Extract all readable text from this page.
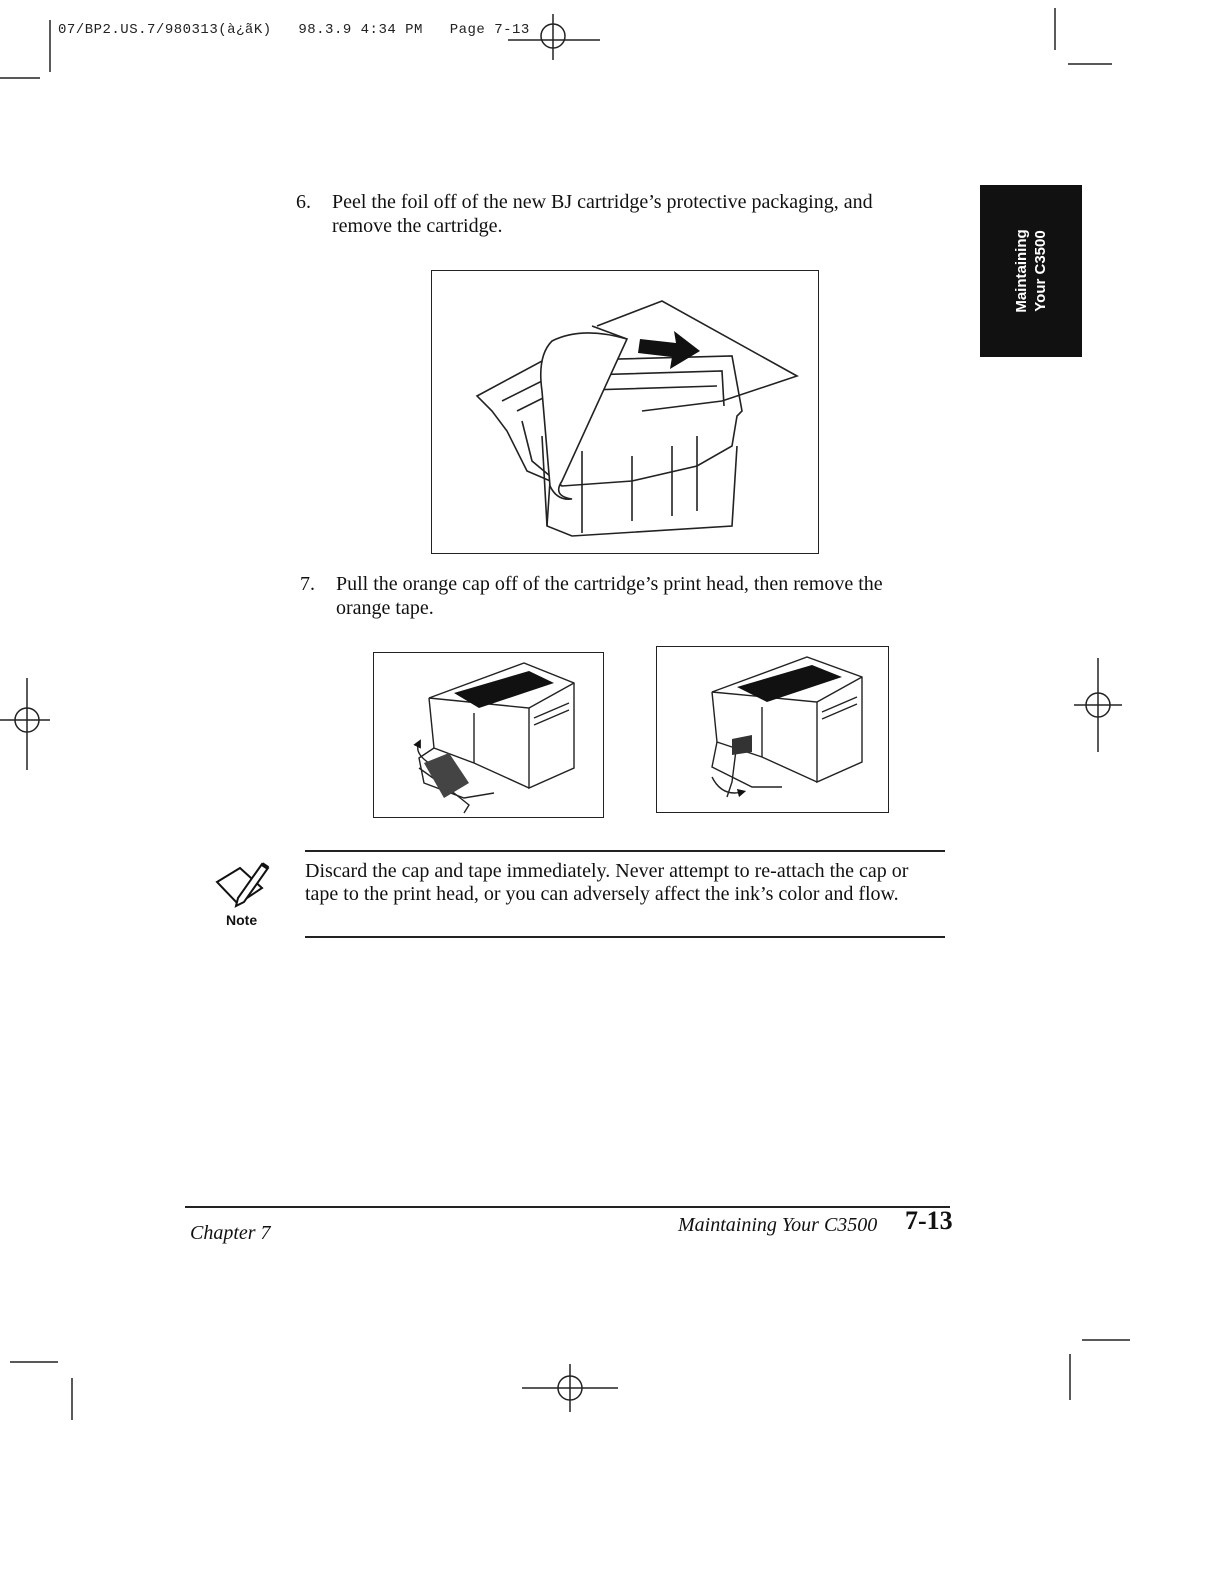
07/BP2.US.7/980313(à¿ãK)   98.3.9 4:34 PM Page 7-13
Maintaining Your C3500
6. Peel the foil off of the new BJ cartridge’s protective packaging, and remove the cartridge.
7. Pull the orange cap off of the cartridge’s print head, then remove the orange tape.
Note
Discard the cap and tape immediately. Never attempt to re-attach the cap or tape to the print head, or you can adversely affect the ink’s color and flow.
Chapter 7	Maintaining Your C3500 7-13
